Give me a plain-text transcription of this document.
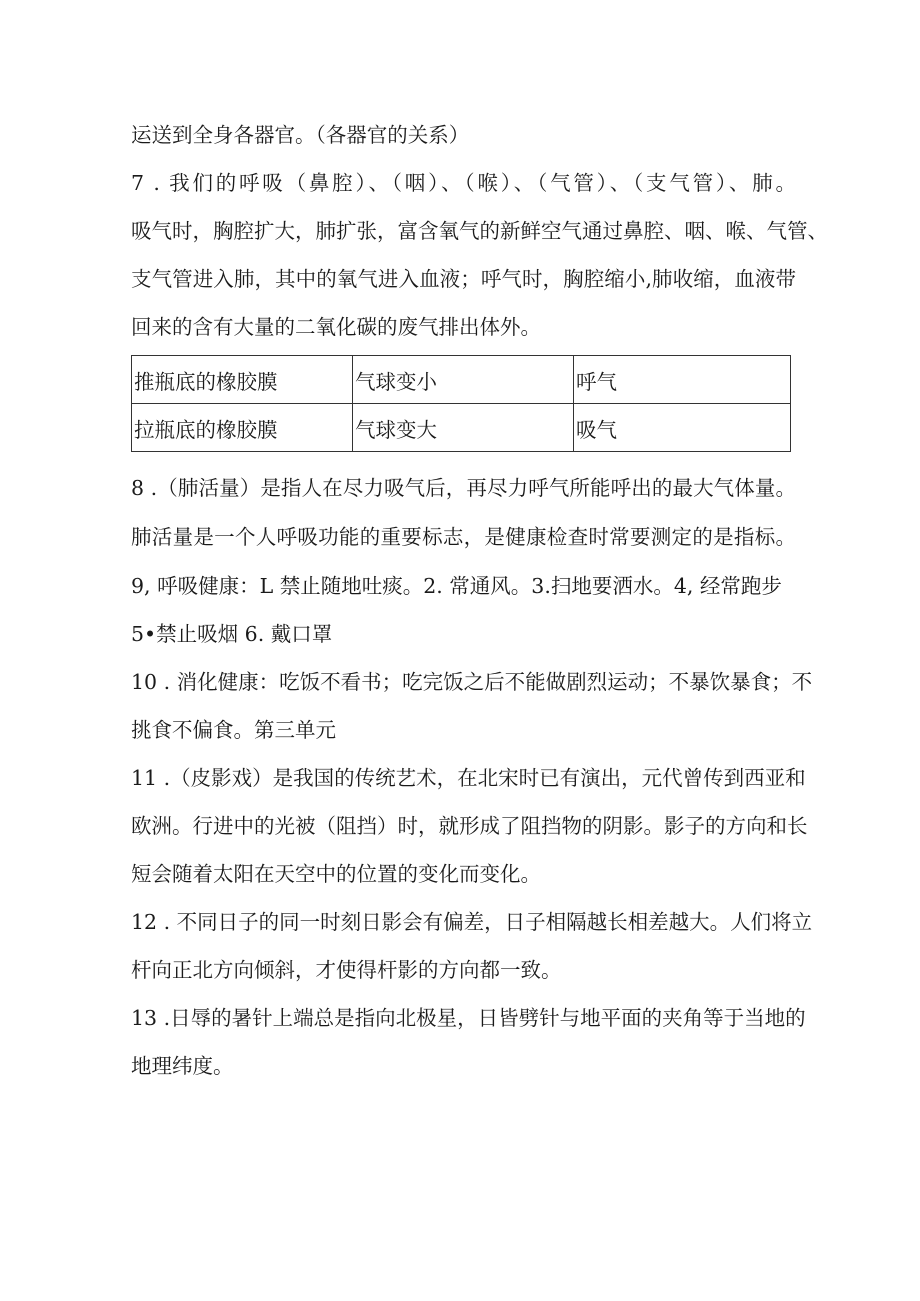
运送到全身各器官。（各器官的关系）
7 . 我们的呼吸（鼻腔）、（咽）、（喉）、（气管）、（支气管）、肺。
吸气时，胸腔扩大，肺扩张，富含氧气的新鲜空气通过鼻腔、咽、喉、气管、
支气管进入肺，其中的氧气进入血液；呼气时，胸腔缩小,肺收缩，血液带
回来的含有大量的二氧化碳的废气排出体外。
推瓶底的橡胶膜	气球变小	呼气
拉瓶底的橡胶膜	气球变大	吸气
8 .（肺活量）是指人在尽力吸气后，再尽力呼气所能呼出的最大气体量。
肺活量是一个人呼吸功能的重要标志，是健康检查时常要测定的是指标。
9, 呼吸健康：L 禁止随地吐痰。2. 常通风。3.扫地要洒水。4, 经常跑步
5•禁止吸烟 6. 戴口罩
10 . 消化健康：吃饭不看书；吃完饭之后不能做剧烈运动；不暴饮暴食；不
挑食不偏食。第三单元
11 .（皮影戏）是我国的传统艺术，在北宋时已有演出，元代曾传到西亚和
欧洲。行进中的光被（阻挡）时，就形成了阻挡物的阴影。影子的方向和长
短会随着太阳在天空中的位置的变化而变化。
12 . 不同日子的同一时刻日影会有偏差，日子相隔越长相差越大。人们将立
杆向正北方向倾斜，才使得杆影的方向都一致。
13 .日辱的暑针上端总是指向北极星，日皆劈针与地平面的夹角等于当地的
地理纬度。
